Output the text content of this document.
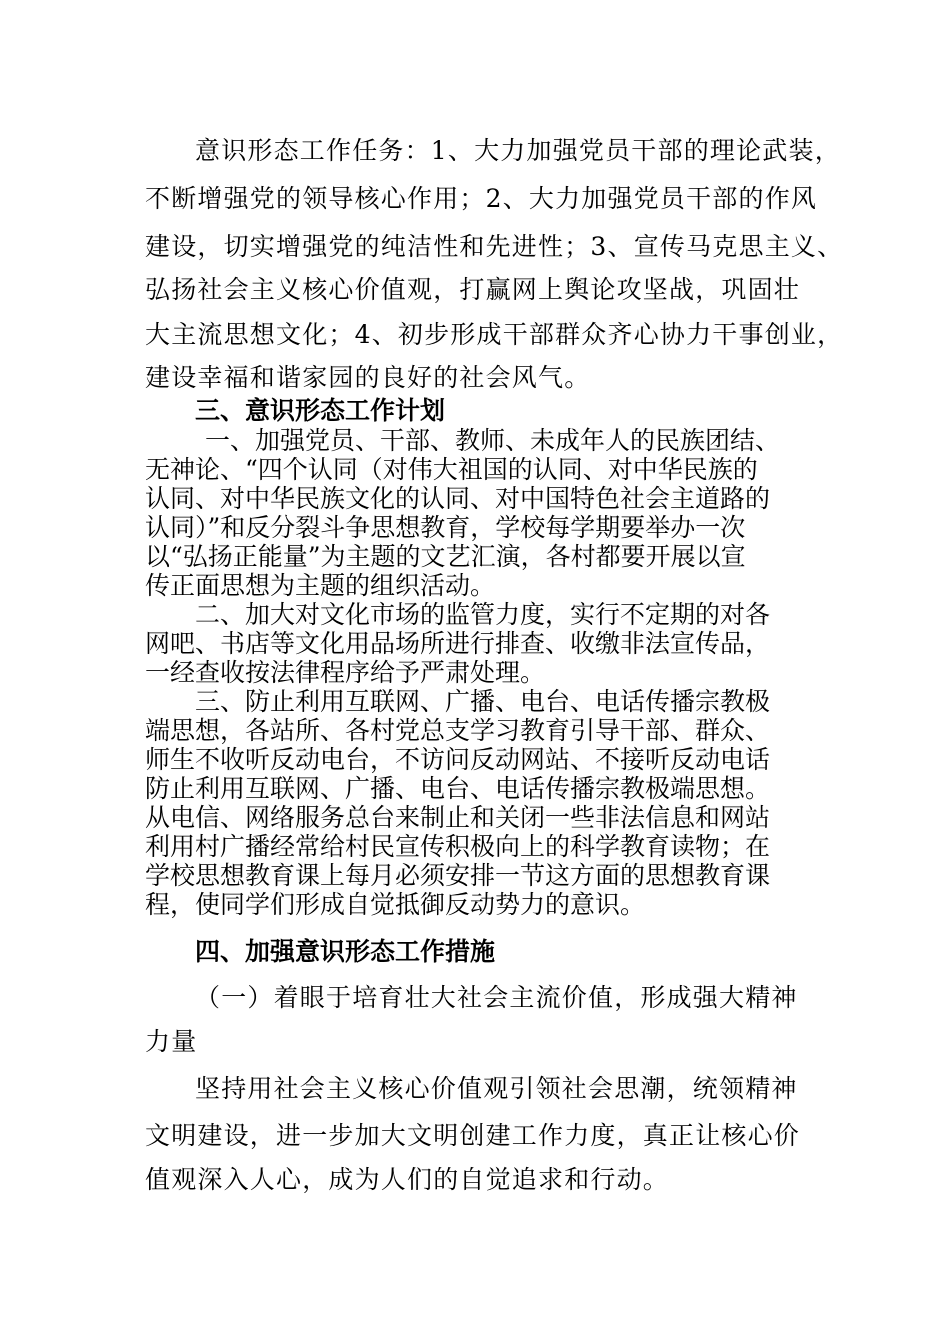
意识形态工作任务：1、大力加强党员干部的理论武装，
不断增强党的领导核心作用；2、大力加强党员干部的作风
建设，切实增强党的纯洁性和先进性；3、宣传马克思主义、
弘扬社会主义核心价值观，打赢网上舆论攻坚战，巩固壮
大主流思想文化；4、初步形成干部群众齐心协力干事创业，
建设幸福和谐家园的良好的社会风气。
三、意识形态工作计划
一、加强党员、干部、教师、未成年人的民族团结、
无神论、“四个认同（对伟大祖国的认同、对中华民族的
认同、对中华民族文化的认同、对中国特色社会主道路的
认同）”和反分裂斗争思想教育，学校每学期要举办一次
以“弘扬正能量”为主题的文艺汇演，各村都要开展以宣
传正面思想为主题的组织活动。
二、加大对文化市场的监管力度，实行不定期的对各
网吧、书店等文化用品场所进行排查、收缴非法宣传品，
一经查收按法律程序给予严肃处理。
三、防止利用互联网、广播、电台、电话传播宗教极
端思想，各站所、各村党总支学习教育引导干部、群众、
师生不收听反动电台，不访问反动网站、不接听反动电话
防止利用互联网、广播、电台、电话传播宗教极端思想。
从电信、网络服务总台来制止和关闭一些非法信息和网站
利用村广播经常给村民宣传积极向上的科学教育读物；在
学校思想教育课上每月必须安排一节这方面的思想教育课
程，使同学们形成自觉抵御反动势力的意识。
四、加强意识形态工作措施
（一）着眼于培育壮大社会主流价值，形成强大精神
力量
坚持用社会主义核心价值观引领社会思潮，统领精神
文明建设，进一步加大文明创建工作力度，真正让核心价
值观深入人心，成为人们的自觉追求和行动。
